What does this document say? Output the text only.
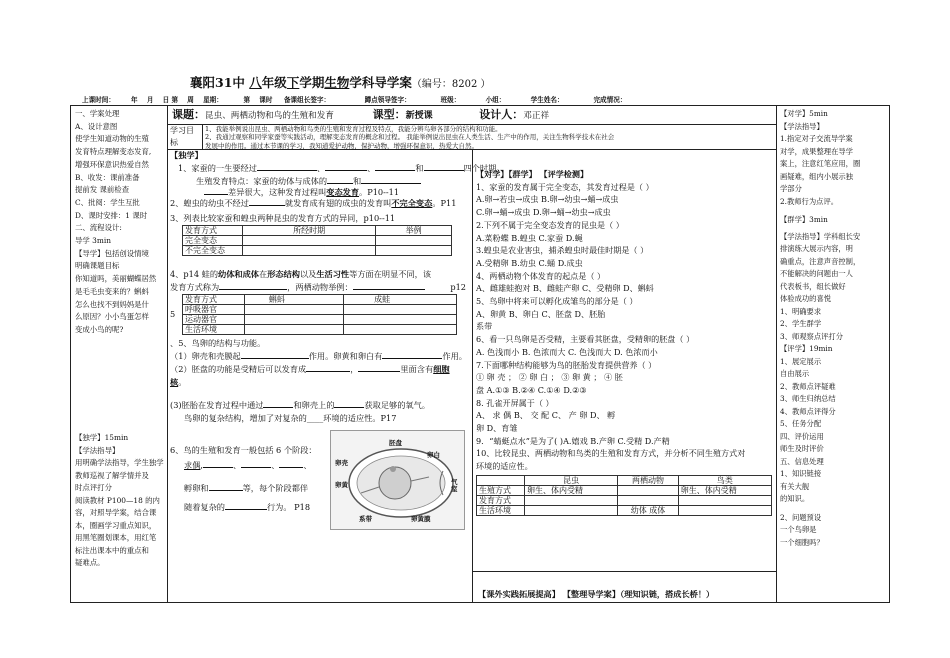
襄阳31中 八年级下学期生物学科导学案（编号：8202 ）
上课时间： 年 月 日 第 周 星期：	第 课时 备课组长签字：	蹲点领导签字：	班级：	小组：	学生姓名：	完成情况：
一、学案处理
A、设计意图
使学生知道动物的生殖
发育特点理解变态发育,
增强环保意识热爱自然
B、收发：课前准备
提前发 课前检查
C、批阅：学生互批
D、课时安排：1 课时
二、流程设计:
导学 3min
【导学】包括创设情境
明确课题目标
你知道吗，美丽蝴蝶居然
是毛毛虫变来的？蝌蚪
怎么也找不到妈妈是什
么原因？小小鸟蛋怎样
变成小鸟的呢?
【独学】15min
【学法指导】
用明确学法指导，学生独学
教师巡视了解学情并及
时点评打分
阅读教材 P100—18 的内
容，对照导学案，结合课
本，圈画学习重点知识，
用黑笔圈划课本，用红笔
标注出课本中的重点和
疑难点。
课题：昆虫、两栖动物和鸟的生殖和发育	课型：新授课	设计人：邓正祥
学习目
标
1、我能举例说出昆虫、两栖动物和鸟类的生殖和发育过程及特点，我能分辨鸟卵各部分的结构和功能。
2、我通过观察和同学家蚕等实践活动，理解变态发育的概念和过程。 我能举例说出昆虫在人类生活、生产中的作用，关注生物科学技术在社会
发展中的作用。通过本节课的学习，我知道爱护动物，保护动物，增强环保意识，热爱大自然。
【独学】
1、家蚕的一生要经过	、	、	和	四个时期。
生殖发育特点：家蚕的幼体与成体的	和
差异很大，这种发育过程叫变态发育。P10--11
2、蝗虫的幼虫不经过	就发育成有翅的成虫的发育叫不完全变态。P11
3、列表比较家蚕和蝗虫两种昆虫的发育方式的异同，p10--11
发育方式	所经时期	举例
完全变态		
不完全变态		
4、p14 蛙的幼体和成体在形态结构以及生活习性等方面在明显不同，该
发育方式称为	，两栖动物举例：	p12
5
发育方式	蝌蚪	成蛙
呼吸器官		
运动器官		
生活环境		
、5、鸟卵的结构与功能。
（1）卵壳和壳膜起	作用。卵黄和卵白有	作用。
（2）胚盘的功能是受精后可以发育成	，	里面含有细胞
核。
(3)胚胎在发育过程中通过	和卵壳上的	获取足够的氧气。
鸟卵的复杂结构，增加了对复杂的____环境的适应性。P17
6、鸟的生殖和发育一般包括 6 个阶段：
求偶,	、	、	、
孵卵和	等，每个阶段都伴
随着复杂的	行为。 P18
卵壳
胚盘
卵白
卵黄	气室
系带	卵黄膜
【对学】【群学】 【评学检测】
1、家蚕的发育属于完全变态，其发育过程是（ ）
A.卵→若虫→成虫 B.卵→幼虫→蛹→成虫
C.卵→蛹→成虫 D.卵→蛹→幼虫→成虫
2.下列不属于完全变态发育的昆虫是（ ）
A.菜粉蝶 B.蝗虫 C.家蚕 D.蝇
3.蝗虫是农业害虫，捕杀蝗虫时最佳时期是（ ）
A.受精卵 B.幼虫 C.蛹 D.成虫
4、两栖动物个体发育的起点是（ ）
A、雌雄蛙抱对 B、雌蛙产卵 C、受精卵 D、蝌蚪
5、鸟卵中将来可以孵化成雏鸟的部分是（ ）
A、卵黄 B、卵白 C、胚盘 D、胚胎
系带
6、看一只鸟卵是否受精，主要看其胚盘，受精卵的胚盘（ ）
A. 色浅而小 B. 色浓而大 C. 色浅而大 D. 色浓而小
7.下面哪种结构能够为鸟的胚胎发育提供营养（ ）
① 卵 壳 ； ② 卵 白 ； ③ 卵 黄 ； ④ 胚
盘 A.①③ B.②④ C.①④ D.②③
8. 孔雀开屏属于（ ）
A、 求 偶 B、 交 配 C、 产 卵 D、 孵
卵 D、育雏
9．“蜻蜓点水”是为了( )A.嬉戏 B.产卵 C.受精 D.产精
10、比较昆虫、两栖动物和鸟类的生殖和发育方式，并分析不同生殖方式对
环境的适应性。
	昆虫	两栖动物	鸟类
生殖方式	卵生、体内受精		卵生、体内受精
发育方式			
生活环境		幼体 成体	
【课外实践拓展提高】 【整理导学案】（理知识链，搭成长桥！）
【对学】5min
【学法指导】
1.指定对子交流导学案
对学，成果整理在导学
案上，注意红笔应用，圈
画疑难，组内小展示独
学部分
2.教师行为点评。
【群学】3min
【学法指导】学科组长安
排演练大展示内容，明
确重点，注意声音控制，
不能解决的问题由一人
代表板书，组长做好
体验成功的喜悦
1、明确要求
2、学生群学
3、师观察点评打分
【评学】19min
1、展定展示
自由展示
2、教师点评疑难
3、师生归纳总结
4、教师点评得分
5、任务分配
四、评价运用
师生及时评价
五、信息处理
1、知识链接
有关大舰
的知识。
2、问题预设
一个鸟卵是
一个细胞吗？
